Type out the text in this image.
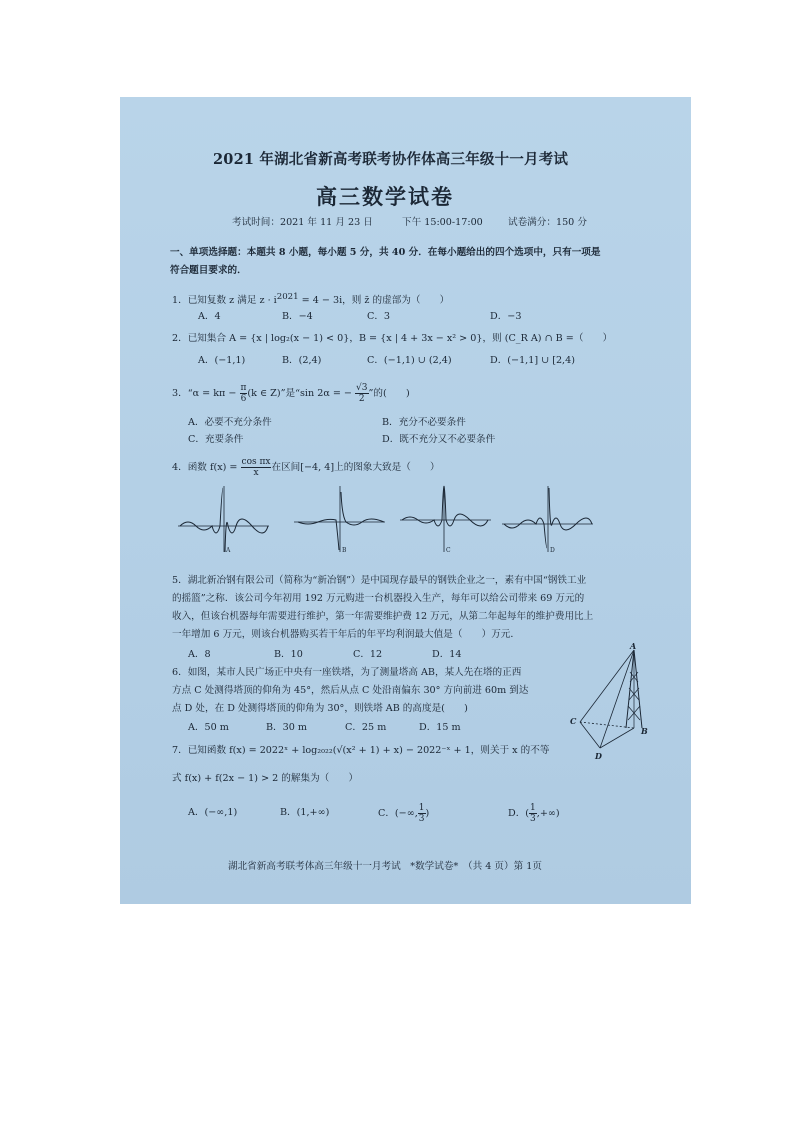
2021 年湖北省新高考联考协作体高三年级十一月考试
高三数学试卷
考试时间：2021 年 11 月 23 日	下午 15:00-17:00	试卷满分：150 分
一、单项选择题：本题共 8 小题，每小题 5 分，共 40 分．在每小题给出的四个选项中，只有一项是
符合题目要求的．
1．已知复数 z 满足 $z \cdot i^{2021} = 4 - 3i$，则 z̄ 的虚部为（　　）
A．4	B．−4	C．3	D．−3
2．已知集合 A = {x | log₂(x − 1) < 0}，B = {x | 4 + 3x − x² > 0}，则 (C_R A) ∩ B =（　　）
A．(−1,1)	B．(2,4)	C．(−1,1) ∪ (2,4)	D．(−1,1] ∪ [2,4)
3．“$\alpha = k\pi - \frac{\pi}{6} (k$ ∈ Z)”是“sin 2α = − $\frac{√3}{2}$ ”的(　　)
A．必要不充分条件	B．充分不必要条件
C．充要条件	D．既不充分又不必要条件
4．函数 $f(x) = \frac{\text{cos πx}}{x}$ 在区间[−4, 4]上的图象大致是（　　）
A	B	C	D
5．湖北新冶钢有限公司（简称为“新冶钢”）是中国现存最早的钢铁企业之一，素有中国“钢铁工业
的摇篮”之称．该公司今年初用 192 万元购进一台机器投入生产，每年可以给公司带来 69 万元的
收入，但该台机器每年需要进行维护，第一年需要维护费 12 万元，从第二年起每年的维护费用比上
一年增加 6 万元，则该台机器购买若干年后的年平均利润最大值是（　　）万元．
A．8	B．10	C．12	D．14
6．如图，某市人民广场正中央有一座铁塔，为了测量塔高 AB，某人先在塔的正西
方点 C 处测得塔顶的仰角为 45°，然后从点 C 处沿南偏东 30° 方向前进 60m 到达
点 D 处，在 D 处测得塔顶的仰角为 30°，则铁塔 AB 的高度是(　　)
A．50 m	B．30 m	C．25 m	D．15 m
A
B
C
D
7．已知函数 f(x) = 2022ˣ + log₂₀₂₂(√(x² + 1) + x) − 2022⁻ˣ + 1，则关于 x 的不等
式 f(x) + f(2x − 1) > 2 的解集为（　　）
A．(−∞,1)	B．(1,+∞)	C．(−∞, $\frac{1}{3}$ )	D．( $\frac{1}{3}$ ,+∞)
湖北省新高考联考体高三年级十一月考试　*数学试卷*　（共 4 页）第 1页
